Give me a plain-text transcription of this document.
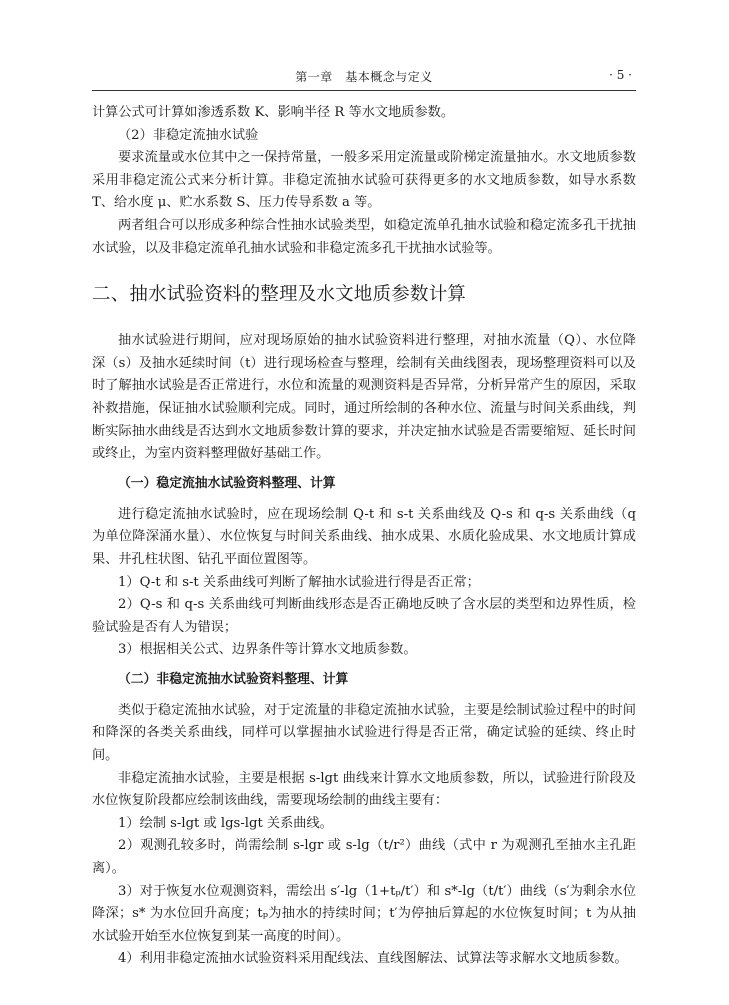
第一章　基本概念与定义	· 5 ·

计算公式可计算如渗透系数 K、影响半径 R 等水文地质参数。

（2）非稳定流抽水试验

要求流量或水位其中之一保持常量，一般多采用定流量或阶梯定流量抽水。水文地质参数采用非稳定流公式来分析计算。非稳定流抽水试验可获得更多的水文地质参数，如导水系数 T、给水度 μ、贮水系数 S、压力传导系数 a 等。

两者组合可以形成多种综合性抽水试验类型，如稳定流单孔抽水试验和稳定流多孔干扰抽水试验，以及非稳定流单孔抽水试验和非稳定流多孔干扰抽水试验等。

二、抽水试验资料的整理及水文地质参数计算

抽水试验进行期间，应对现场原始的抽水试验资料进行整理，对抽水流量（Q）、水位降深（s）及抽水延续时间（t）进行现场检查与整理，绘制有关曲线图表，现场整理资料可以及时了解抽水试验是否正常进行，水位和流量的观测资料是否异常，分析异常产生的原因，采取补救措施，保证抽水试验顺利完成。同时，通过所绘制的各种水位、流量与时间关系曲线，判断实际抽水曲线是否达到水文地质参数计算的要求，并决定抽水试验是否需要缩短、延长时间或终止，为室内资料整理做好基础工作。

（一）稳定流抽水试验资料整理、计算

进行稳定流抽水试验时，应在现场绘制 Q-t 和 s-t 关系曲线及 Q-s 和 q-s 关系曲线（q 为单位降深涌水量）、水位恢复与时间关系曲线、抽水成果、水质化验成果、水文地质计算成果、井孔柱状图、钻孔平面位置图等。

1）Q-t 和 s-t 关系曲线可判断了解抽水试验进行得是否正常；

2）Q-s 和 q-s 关系曲线可判断曲线形态是否正确地反映了含水层的类型和边界性质，检验试验是否有人为错误；

3）根据相关公式、边界条件等计算水文地质参数。

（二）非稳定流抽水试验资料整理、计算

类似于稳定流抽水试验，对于定流量的非稳定流抽水试验，主要是绘制试验过程中的时间和降深的各类关系曲线，同样可以掌握抽水试验进行得是否正常，确定试验的延续、终止时间。

非稳定流抽水试验，主要是根据 s-lgt 曲线来计算水文地质参数，所以，试验进行阶段及水位恢复阶段都应绘制该曲线，需要现场绘制的曲线主要有：

1）绘制 s-lgt 或 lgs-lgt 关系曲线。

2）观测孔较多时，尚需绘制 s-lgr 或 s-lg（t/r²）曲线（式中 r 为观测孔至抽水主孔距离）。

3）对于恢复水位观测资料，需绘出 s′-lg（1+tₚ/t′）和 s*-lg（t/t′）曲线（s′为剩余水位降深；s* 为水位回升高度；tₚ为抽水的持续时间；t′为停抽后算起的水位恢复时间；t 为从抽水试验开始至水位恢复到某一高度的时间）。

4）利用非稳定流抽水试验资料采用配线法、直线图解法、试算法等求解水文地质参数。
